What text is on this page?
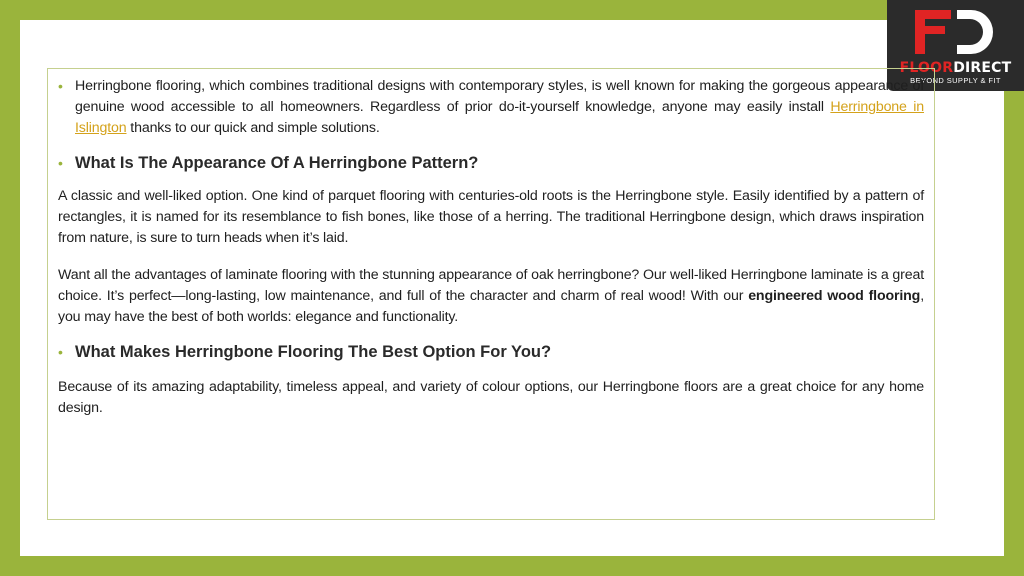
FLOORDIRECT
BEYOND SUPPLY & FIT
• Herringbone flooring, which combines traditional designs with contemporary styles, is well known for making the gorgeous appearance of genuine wood accessible to all homeowners. Regardless of prior do-it-yourself knowledge, anyone may easily install Herringbone in Islington thanks to our quick and simple solutions.

• What Is The Appearance Of A Herringbone Pattern?

A classic and well-liked option. One kind of parquet flooring with centuries-old roots is the Herringbone style. Easily identified by a pattern of rectangles, it is named for its resemblance to fish bones, like those of a herring. The traditional Herringbone design, which draws inspiration from nature, is sure to turn heads when it’s laid.

Want all the advantages of laminate flooring with the stunning appearance of oak herringbone? Our well-liked Herringbone laminate is a great choice. It’s perfect—long-lasting, low maintenance, and full of the character and charm of real wood! With our engineered wood flooring, you may have the best of both worlds: elegance and functionality.

• What Makes Herringbone Flooring The Best Option For You?

Because of its amazing adaptability, timeless appeal, and variety of colour options, our Herringbone floors are a great choice for any home design.
